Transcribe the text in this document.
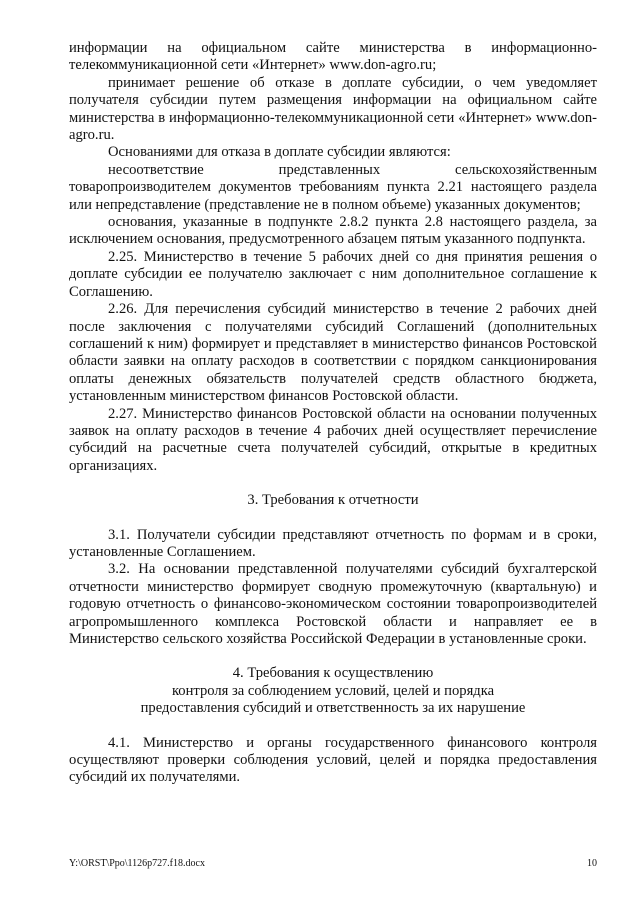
информации на официальном сайте министерства в информационно-телекоммуникационной сети «Интернет» www.don-agro.ru;

принимает решение об отказе в доплате субсидии, о чем уведомляет получателя субсидии путем размещения информации на официальном сайте министерства в информационно-телекоммуникационной сети «Интернет» www.don-agro.ru.

Основаниями для отказа в доплате субсидии являются:

несоответствие представленных сельскохозяйственным товаропроизводителем документов требованиям пункта 2.21 настоящего раздела или непредставление (представление не в полном объеме) указанных документов;

основания, указанные в подпункте 2.8.2 пункта 2.8 настоящего раздела, за исключением основания, предусмотренного абзацем пятым указанного подпункта.

2.25. Министерство в течение 5 рабочих дней со дня принятия решения о доплате субсидии ее получателю заключает с ним дополнительное соглашение к Соглашению.

2.26. Для перечисления субсидий министерство в течение 2 рабочих дней после заключения с получателями субсидий Соглашений (дополнительных соглашений к ним) формирует и представляет в министерство финансов Ростовской области заявки на оплату расходов в соответствии с порядком санкционирования оплаты денежных обязательств получателей средств областного бюджета, установленным министерством финансов Ростовской области.

2.27. Министерство финансов Ростовской области на основании полученных заявок на оплату расходов в течение 4 рабочих дней осуществляет перечисление субсидий на расчетные счета получателей субсидий, открытые в кредитных организациях.

3. Требования к отчетности

3.1. Получатели субсидии представляют отчетность по формам и в сроки, установленные Соглашением.

3.2. На основании представленной получателями субсидий бухгалтерской отчетности министерство формирует сводную промежуточную (квартальную) и годовую отчетность о финансово-экономическом состоянии товаропроизводителей агропромышленного комплекса Ростовской области и направляет ее в Министерство сельского хозяйства Российской Федерации в установленные сроки.

4. Требования к осуществлению

контроля за соблюдением условий, целей и порядка

предоставления субсидий и ответственность за их нарушение

4.1. Министерство и органы государственного финансового контроля осуществляют проверки соблюдения условий, целей и порядка предоставления субсидий их получателями.

Y:\ORST\Ppo\1126p727.f18.docx	10
